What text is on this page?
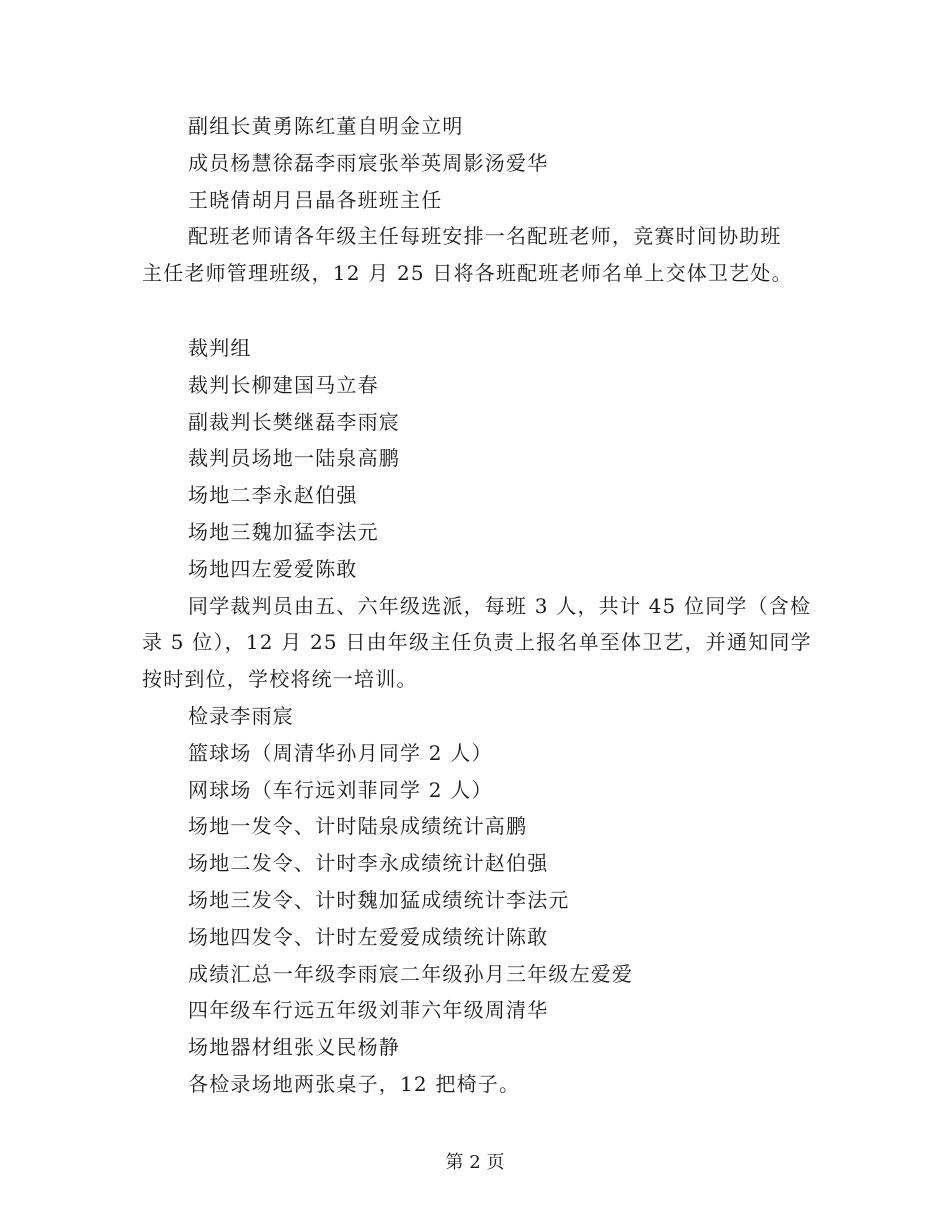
副组长黄勇陈红董自明金立明
成员杨慧徐磊李雨宸张举英周影汤爱华
王晓倩胡月吕晶各班班主任
配班老师请各年级主任每班安排一名配班老师，竞赛时间协助班
主任老师管理班级，12 月 25 日将各班配班老师名单上交体卫艺处。
裁判组
裁判长柳建国马立春
副裁判长樊继磊李雨宸
裁判员场地一陆泉高鹏
场地二李永赵伯强
场地三魏加猛李法元
场地四左爱爱陈敢
同学裁判员由五、六年级选派，每班 3 人，共计 45 位同学（含检
录 5 位），12 月 25 日由年级主任负责上报名单至体卫艺，并通知同学
按时到位，学校将统一培训。
检录李雨宸
篮球场（周清华孙月同学 2 人）
网球场（车行远刘菲同学 2 人）
场地一发令、计时陆泉成绩统计高鹏
场地二发令、计时李永成绩统计赵伯强
场地三发令、计时魏加猛成绩统计李法元
场地四发令、计时左爱爱成绩统计陈敢
成绩汇总一年级李雨宸二年级孙月三年级左爱爱
四年级车行远五年级刘菲六年级周清华
场地器材组张义民杨静
各检录场地两张桌子，12 把椅子。
第 2 页
